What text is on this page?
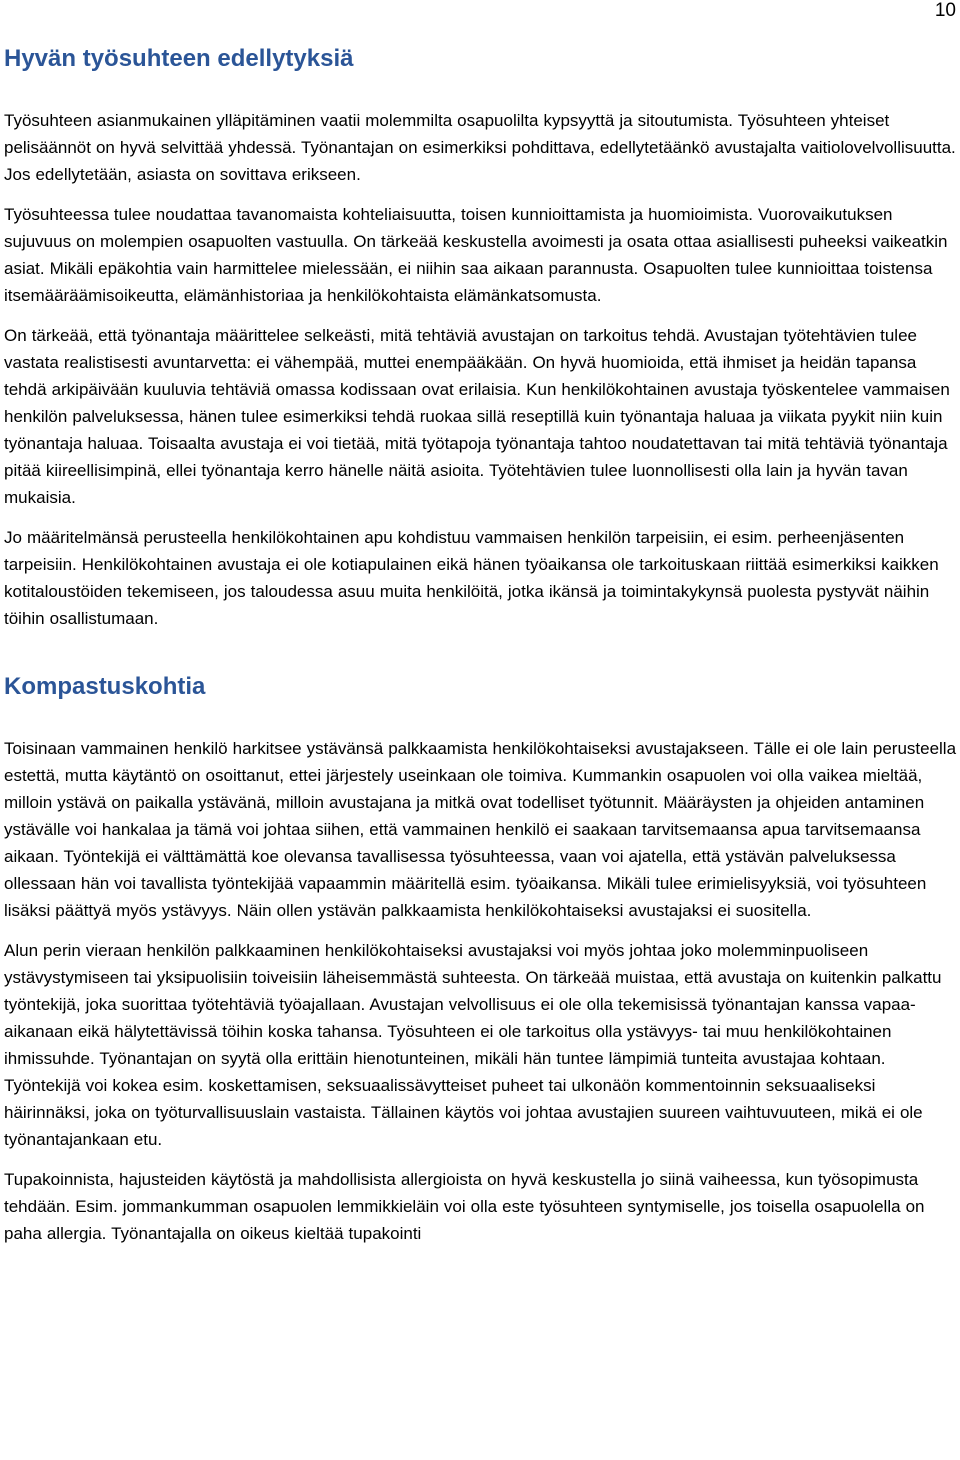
10
Hyvän työsuhteen edellytyksiä

Työsuhteen asianmukainen ylläpitäminen vaatii molemmilta osapuolilta kypsyyttä ja sitoutumista. Työsuhteen yhteiset pelisäännöt on hyvä selvittää yhdessä. Työnantajan on esimerkiksi pohdittava, edellytetäänkö avustajalta vaitiolovelvollisuutta. Jos edellytetään, asiasta on sovittava erikseen.

Työsuhteessa tulee noudattaa tavanomaista kohteliaisuutta, toisen kunnioittamista ja huomioimista. Vuorovaikutuksen sujuvuus on molempien osapuolten vastuulla. On tärkeää keskustella avoimesti ja osata ottaa asiallisesti puheeksi vaikeatkin asiat. Mikäli epäkohtia vain harmittelee mielessään, ei niihin saa aikaan parannusta. Osapuolten tulee kunnioittaa toistensa itsemääräämisoikeutta, elämänhistoriaa ja henkilökohtaista elämänkatsomusta.

On tärkeää, että työnantaja määrittelee selkeästi, mitä tehtäviä avustajan on tarkoitus tehdä. Avustajan työtehtävien tulee vastata realistisesti avuntarvetta: ei vähempää, muttei enempääkään. On hyvä huomioida, että ihmiset ja heidän tapansa tehdä arkipäivään kuuluvia tehtäviä omassa kodissaan ovat erilaisia. Kun henkilökohtainen avustaja työskentelee vammaisen henkilön palveluksessa, hänen tulee esimerkiksi tehdä ruokaa sillä reseptillä kuin työnantaja haluaa ja viikata pyykit niin kuin työnantaja haluaa. Toisaalta avustaja ei voi tietää, mitä työtapoja työnantaja tahtoo noudatettavan tai mitä tehtäviä työnantaja pitää kiireellisimpinä, ellei työnantaja kerro hänelle näitä asioita. Työtehtävien tulee luonnollisesti olla lain ja hyvän tavan mukaisia.

Jo määritelmänsä perusteella henkilökohtainen apu kohdistuu vammaisen henkilön tarpeisiin, ei esim. perheenjäsenten tarpeisiin. Henkilökohtainen avustaja ei ole kotiapulainen eikä hänen työaikansa ole tarkoituskaan riittää esimerkiksi kaikken kotitaloustöiden tekemiseen, jos taloudessa asuu muita henkilöitä, jotka ikänsä ja toimintakykynsä puolesta pystyvät näihin töihin osallistumaan.

Kompastuskohtia

Toisinaan vammainen henkilö harkitsee ystävänsä palkkaamista henkilökohtaiseksi avustajakseen. Tälle ei ole lain perusteella estettä, mutta käytäntö on osoittanut, ettei järjestely useinkaan ole toimiva. Kummankin osapuolen voi olla vaikea mieltää, milloin ystävä on paikalla ystävänä, milloin avustajana ja mitkä ovat todelliset työtunnit. Määräysten ja ohjeiden antaminen ystävälle voi hankalaa ja tämä voi johtaa siihen, että vammainen henkilö ei saakaan tarvitsemaansa apua tarvitsemaansa aikaan. Työntekijä ei välttämättä koe olevansa tavallisessa työsuhteessa, vaan voi ajatella, että ystävän palveluksessa ollessaan hän voi tavallista työntekijää vapaammin määritellä esim. työaikansa. Mikäli tulee erimielisyyksiä, voi työsuhteen lisäksi päättyä myös ystävyys. Näin ollen ystävän palkkaamista henkilökohtaiseksi avustajaksi ei suositella.

Alun perin vieraan henkilön palkkaaminen henkilökohtaiseksi avustajaksi voi myös johtaa joko molemminpuoliseen ystävystymiseen tai yksipuolisiin toiveisiin läheisemmästä suhteesta. On tärkeää muistaa, että avustaja on kuitenkin palkattu työntekijä, joka suorittaa työtehtäviä työajallaan. Avustajan velvollisuus ei ole olla tekemisissä työnantajan kanssa vapaa-aikanaan eikä hälytettävissä töihin koska tahansa. Työsuhteen ei ole tarkoitus olla ystävyys- tai muu henkilökohtainen ihmissuhde. Työnantajan on syytä olla erittäin hienotunteinen, mikäli hän tuntee lämpimiä tunteita avustajaa kohtaan. Työntekijä voi kokea esim. koskettamisen, seksuaalissävytteiset puheet tai ulkonäön kommentoinnin seksuaaliseksi häirinnäksi, joka on työturvallisuuslain vastaista. Tällainen käytös voi johtaa avustajien suureen vaihtuvuuteen, mikä ei ole työnantajankaan etu.

Tupakoinnista, hajusteiden käytöstä ja mahdollisista allergioista on hyvä keskustella jo siinä vaiheessa, kun työsopimusta tehdään. Esim. jommankumman osapuolen lemmikkieläin voi olla este työsuhteen syntymiselle, jos toisella osapuolella on paha allergia. Työnantajalla on oikeus kieltää tupakointi
